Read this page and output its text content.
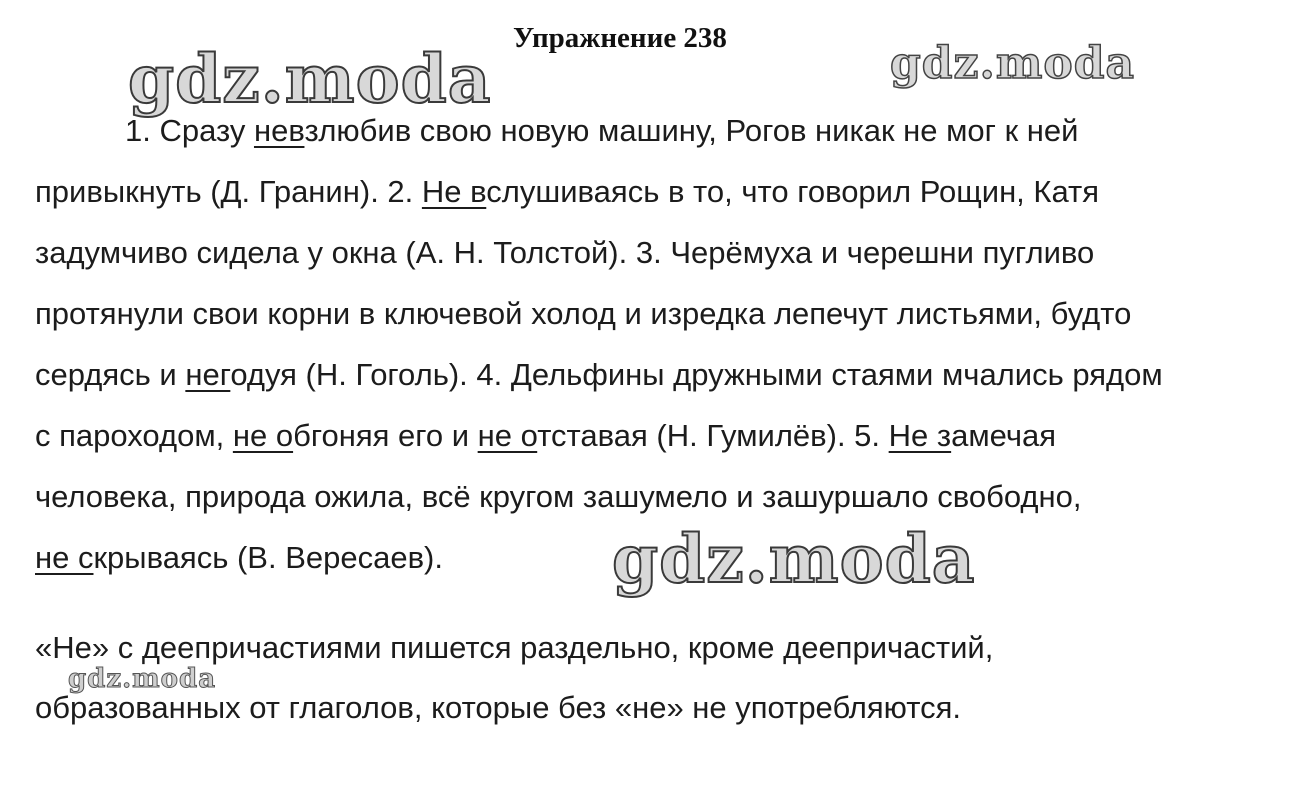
Упражнение 238
gdz.moda	gdz.moda
1. Сразу невзлюбив свою новую машину, Рогов никак не мог к ней
привыкнуть (Д. Гранин). 2. Не вслушиваясь в то, что говорил Рощин, Катя
задумчиво сидела у окна (А. Н. Толстой). 3. Черёмуха и черешни пугливо
протянули свои корни в ключевой холод и изредка лепечут листьями, будто
сердясь и негодуя (Н. Гоголь). 4. Дельфины дружными стаями мчались рядом
с пароходом, не обгоняя его и не отставая (Н. Гумилёв). 5. Не замечая
человека, природа ожила, всё кругом зашумело и зашуршало свободно,
не скрываясь (В. Вересаев).	gdz.moda
«Не» с деепричастиями пишется раздельно, кроме деепричастий,
образованных от глаголов, которые без «не» не употребляются.
gdz.moda
